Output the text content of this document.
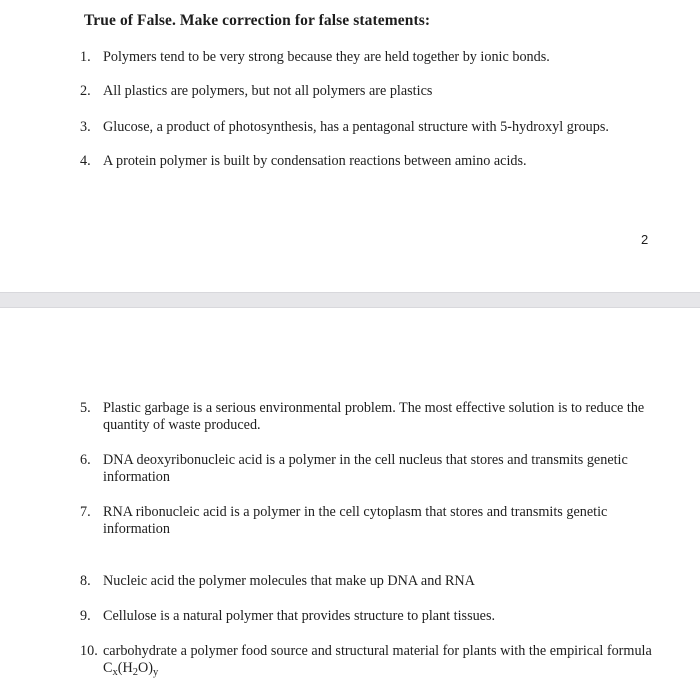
True of False. Make correction for false statements:
1. Polymers tend to be very strong because they are held together by ionic bonds.
2. All plastics are polymers, but not all polymers are plastics
3. Glucose, a product of photosynthesis, has a pentagonal structure with 5-hydroxyl groups.
4. A protein polymer is built by condensation reactions between amino acids.
2
5. Plastic garbage is a serious environmental problem. The most effective solution is to reduce the quantity of waste produced.
6. DNA deoxyribonucleic acid is a polymer in the cell nucleus that stores and transmits genetic information
7. RNA ribonucleic acid is a polymer in the cell cytoplasm that stores and transmits genetic information
8. Nucleic acid the polymer molecules that make up DNA and RNA
9. Cellulose is a natural polymer that provides structure to plant tissues.
10. carbohydrate a polymer food source and structural material for plants with the empirical formula $C_x(H_2O)_y$
